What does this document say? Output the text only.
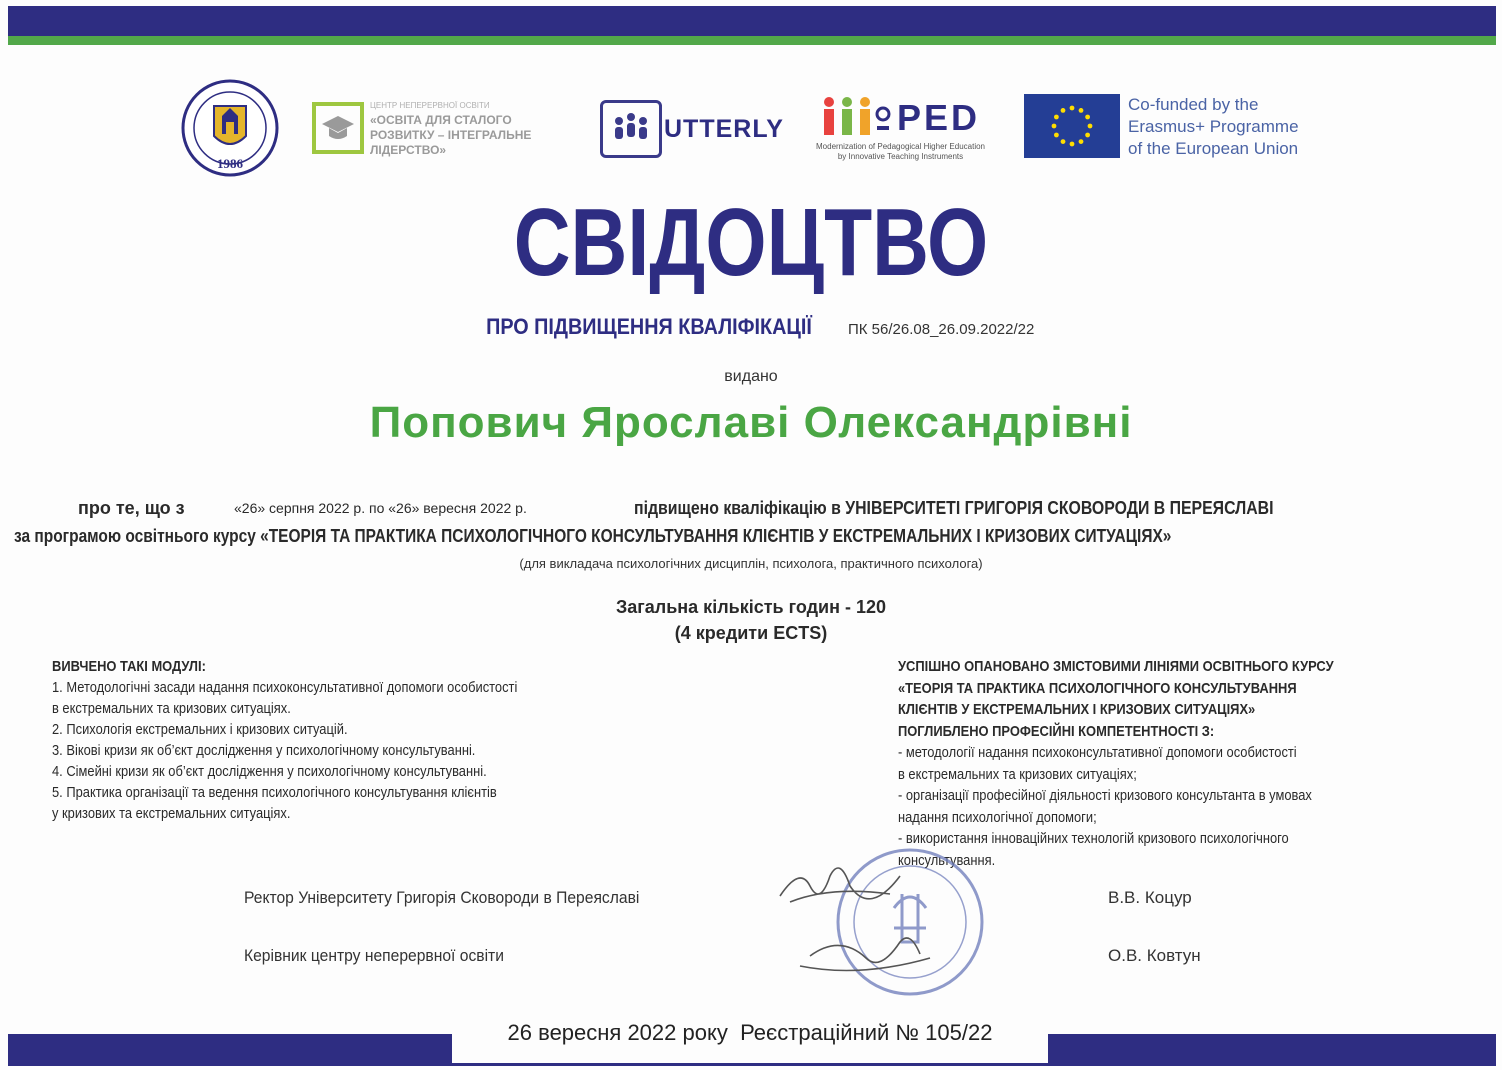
1986
ЦЕНТР НЕПЕРЕРВНОЇ ОСВІТИ
«ОСВІТА ДЛЯ СТАЛОГО
РОЗВИТКУ – ІНТЕГРАЛЬНЕ
ЛІДЕРСТВО»
UTTERLY	PED
Modernization of Pedagogical Higher Education
by Innovative Teaching Instruments
Co-funded by the
Erasmus+ Programme
of the European Union
СВІДОЦТВО
ПРО ПІДВИЩЕННЯ КВАЛІФІКАЦІЇ ПК 56/26.08_26.09.2022/22
видано
Попович Ярославі Олександрівні
про те, що з	«26» серпня 2022 р. по «26» вересня 2022 р.	підвищено кваліфікацію в УНІВЕРСИТЕТІ ГРИГОРІЯ СКОВОРОДИ В ПЕРЕЯСЛАВІ
за програмою освітнього курсу «ТЕОРІЯ ТА ПРАКТИКА ПСИХОЛОГІЧНОГО КОНСУЛЬТУВАННЯ КЛІЄНТІВ У ЕКСТРЕМАЛЬНИХ І КРИЗОВИХ СИТУАЦІЯХ»
(для викладача психологічних дисциплін, психолога, практичного психолога)
Загальна кількість годин - 120
(4 кредити ECTS)
ВИВЧЕНО ТАКІ МОДУЛІ:
1. Методологічні засади надання психоконсультативної допомоги особистості
в екстремальних та кризових ситуаціях.
2. Психологія екстремальних і кризових ситуацій.
3. Вікові кризи як об’єкт дослідження у психологічному консультуванні.
4. Сімейні кризи як об’єкт дослідження у психологічному консультуванні.
5. Практика організації та ведення психологічного консультування клієнтів
у кризових та екстремальних ситуаціях.
УСПІШНО ОПАНОВАНО ЗМІСТОВИМИ ЛІНІЯМИ ОСВІТНЬОГО КУРСУ
«ТЕОРІЯ ТА ПРАКТИКА ПСИХОЛОГІЧНОГО КОНСУЛЬТУВАННЯ
КЛІЄНТІВ У ЕКСТРЕМАЛЬНИХ І КРИЗОВИХ СИТУАЦІЯХ»
ПОГЛИБЛЕНО ПРОФЕСІЙНІ КОМПЕТЕНТНОСТІ З:
- методології надання психоконсультативної допомоги особистості
в екстремальних та кризових ситуаціях;
- організації професійної діяльності кризового консультанта в умовах
надання психологічної допомоги;
- використання інноваційних технологій кризового психологічного
консультування.
Ректор Університету Григорія Сковороди в Переяславі	В.В. Коцур
Керівник центру неперервної освіти	О.В. Ковтун
26 вересня 2022 року
Реєстраційний № 105/22
